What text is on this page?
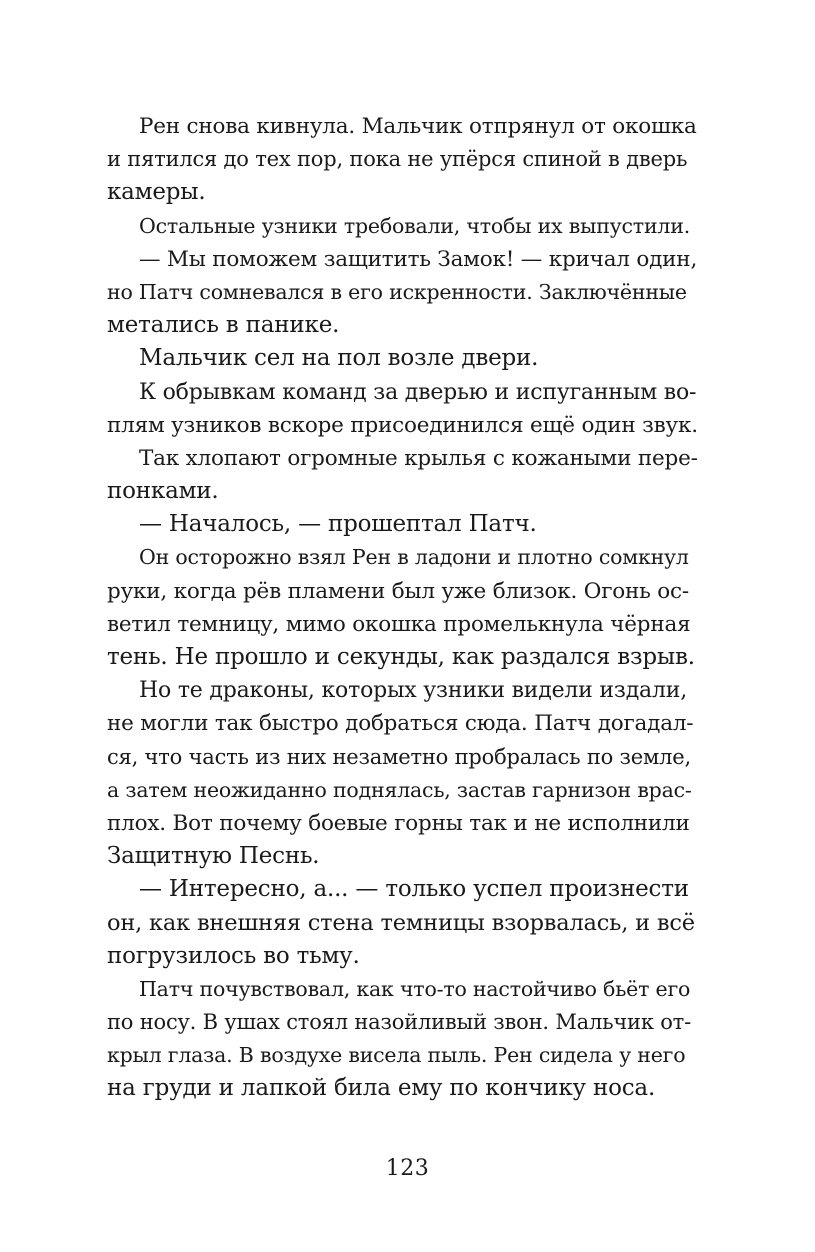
Рен снова кивнула. Мальчик отпрянул от окошка
и пятился до тех пор, пока не упёрся спиной в дверь
камеры.
Остальные узники требовали, чтобы их выпустили.
— Мы поможем защитить Замок! — кричал один,
но Патч сомневался в его искренности. Заключённые
метались в панике.
Мальчик сел на пол возле двери.
К обрывкам команд за дверью и испуганным во-
плям узников вскоре присоединился ещё один звук.
Так хлопают огромные крылья с кожаными пере-
понками.
— Началось, — прошептал Патч.
Он осторожно взял Рен в ладони и плотно сомкнул
руки, когда рёв пламени был уже близок. Огонь ос-
ветил темницу, мимо окошка промелькнула чёрная
тень. Не прошло и секунды, как раздался взрыв.
Но те драконы, которых узники видели издали,
не могли так быстро добраться сюда. Патч догадал-
ся, что часть из них незаметно пробралась по земле,
а затем неожиданно поднялась, застав гарнизон врас-
плох. Вот почему боевые горны так и не исполнили
Защитную Песнь.
— Интересно, а... — только успел произнести
он, как внешняя стена темницы взорвалась, и всё
погрузилось во тьму.
Патч почувствовал, как что-то настойчиво бьёт его
по носу. В ушах стоял назойливый звон. Мальчик от-
крыл глаза. В воздухе висела пыль. Рен сидела у него
на груди и лапкой била ему по кончику носа.
123
